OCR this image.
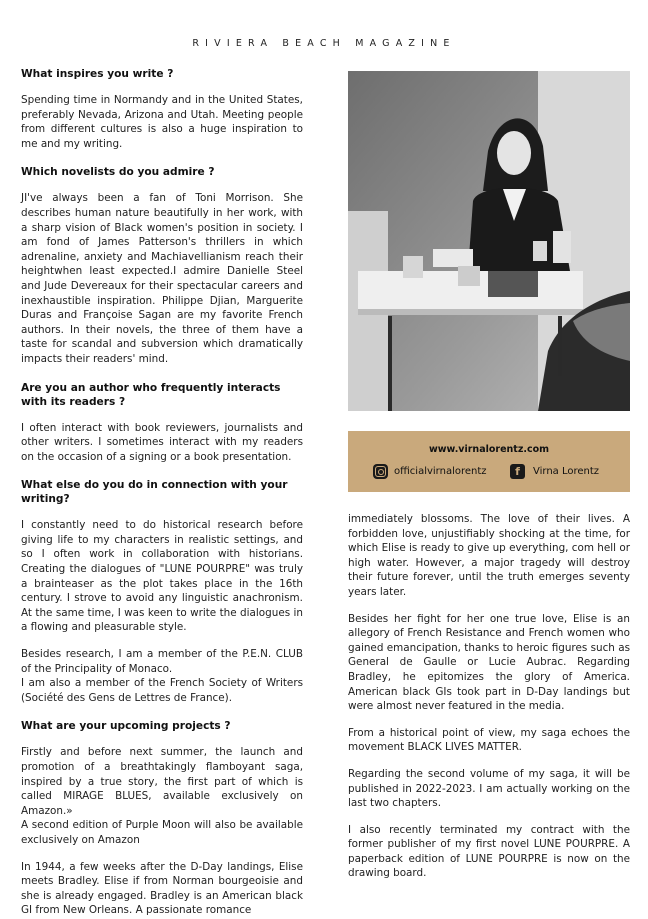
RIVIERA BEACH MAGAZINE
What inspires you write ?

Spending time in Normandy and in the United States, preferably Nevada, Arizona and Utah. Meeting people from different cultures is also a huge inspiration to me and my writing.

Which novelists do you admire ?

JI've always been a fan of Toni Morrison. She describes human nature beautifully in her work, with a sharp vision of Black women's position in society. I am fond of James Patterson's thrillers in which adrenaline, anxiety and Machiavellianism reach their heightwhen least expected.I admire Danielle Steel and Jude Devereaux for their spectacular careers and inexhaustible inspiration. Philippe Djian, Marguerite Duras and Françoise Sagan are my favorite French authors. In their novels, the three of them have a taste for scandal and subversion which dramatically impacts their readers' mind.

Are you an author who frequently interacts with its readers ?

I often interact with book reviewers, journalists and other writers. I sometimes interact with my readers on the occasion of a signing or a book presentation.

What else do you do in connection with your writing?

I constantly need to do historical research before giving life to my characters in realistic settings, and so I often work in collaboration with historians. Creating the dialogues of "LUNE POURPRE" was truly a brainteaser as the plot takes place in the 16th century. I strove to avoid any linguistic anachronism. At the same time, I was keen to write the dialogues in a flowing and pleasurable style.

Besides research, I am a member of the P.E.N. CLUB of the Principality of Monaco.

I am also a member of the French Society of Writers (Société des Gens de Lettres de France).

What are your upcoming projects ?

Firstly and before next summer, the launch and promotion of a breathtakingly flamboyant saga, inspired by a true story, the first part of which is called MIRAGE BLUES, available exclusively on Amazon.»

A second edition of Purple Moon will also be available exclusively on Amazon

In 1944, a few weeks after the D-Day landings, Elise meets Bradley. Elise if from Norman bourgeoisie and she is already engaged. Bradley is an American black GI from New Orleans. A passionate romance

www.virnalorentz.com
officialvirnalorentz	f	Virna Lorentz

immediately blossoms. The love of their lives. A forbidden love, unjustifiably shocking at the time, for which Elise is ready to give up everything, com hell or high water. However, a major tragedy will destroy their future forever, until the truth emerges seventy years later.

Besides her fight for her one true love, Elise is an allegory of French Resistance and French women who gained emancipation, thanks to heroic figures such as General de Gaulle or Lucie Aubrac. Regarding Bradley, he epitomizes the glory of America. American black GIs took part in D-Day landings but were almost never featured in the media.

From a historical point of view, my saga echoes the movement BLACK LIVES MATTER.

Regarding the second volume of my saga, it will be published in 2022-2023. I am actually working on the last two chapters.

I also recently terminated my contract with the former publisher of my first novel LUNE POURPRE. A paperback edition of LUNE POURPRE is now on the drawing board.
